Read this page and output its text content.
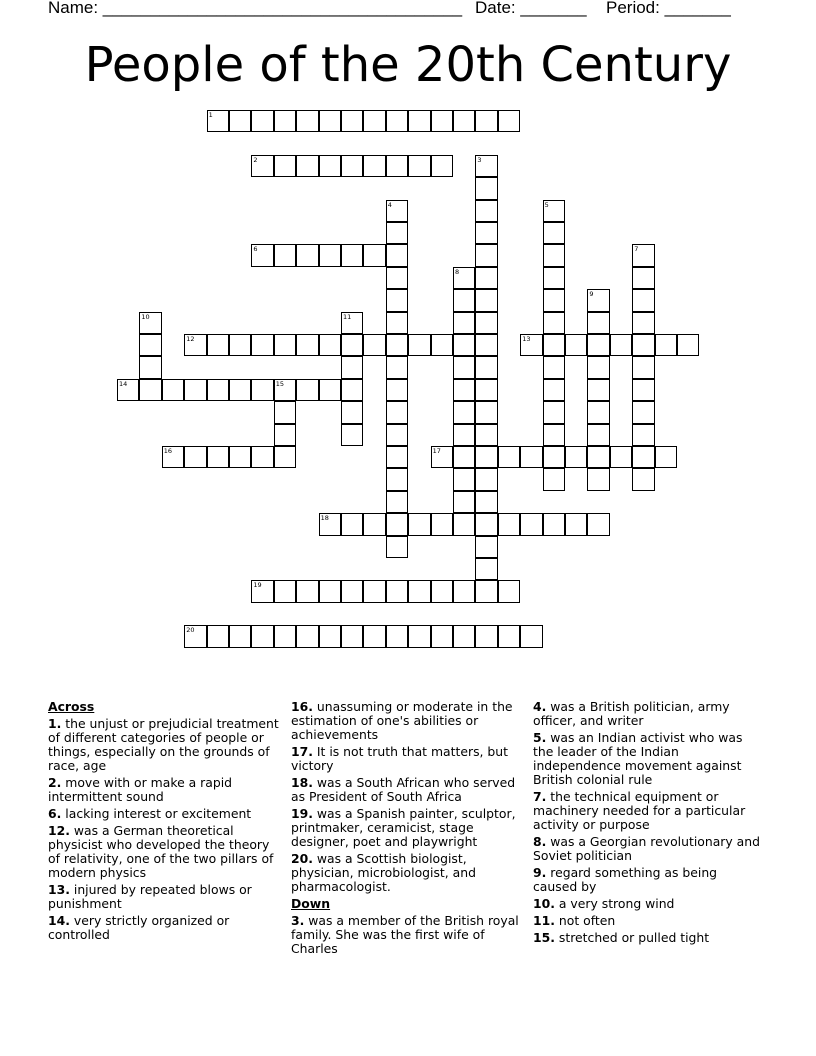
Name: ______________________________________ Date: _______ Period: _______
People of the 20th Century
1
2	3
4	5
6	7
8
9
10	11
12	13
14	15
16	17
18
19
20
Across
1. the unjust or prejudicial treatment of different categories of people or things, especially on the grounds of race, age
2. move with or make a rapid intermittent sound
6. lacking interest or excitement
12. was a German theoretical physicist who developed the theory of relativity, one of the two pillars of modern physics
13. injured by repeated blows or punishment
14. very strictly organized or controlled
16. unassuming or moderate in the estimation of one's abilities or achievements
17. It is not truth that matters, but victory
18. was a South African who served as President of South Africa
19. was a Spanish painter, sculptor, printmaker, ceramicist, stage designer, poet and playwright
20. was a Scottish biologist, physician, microbiologist, and pharmacologist.
Down
3. was a member of the British royal family. She was the first wife of Charles
4. was a British politician, army officer, and writer
5. was an Indian activist who was the leader of the Indian independence movement against British colonial rule
7. the technical equipment or machinery needed for a particular activity or purpose
8. was a Georgian revolutionary and Soviet politician
9. regard something as being caused by
10. a very strong wind
11. not often
15. stretched or pulled tight
